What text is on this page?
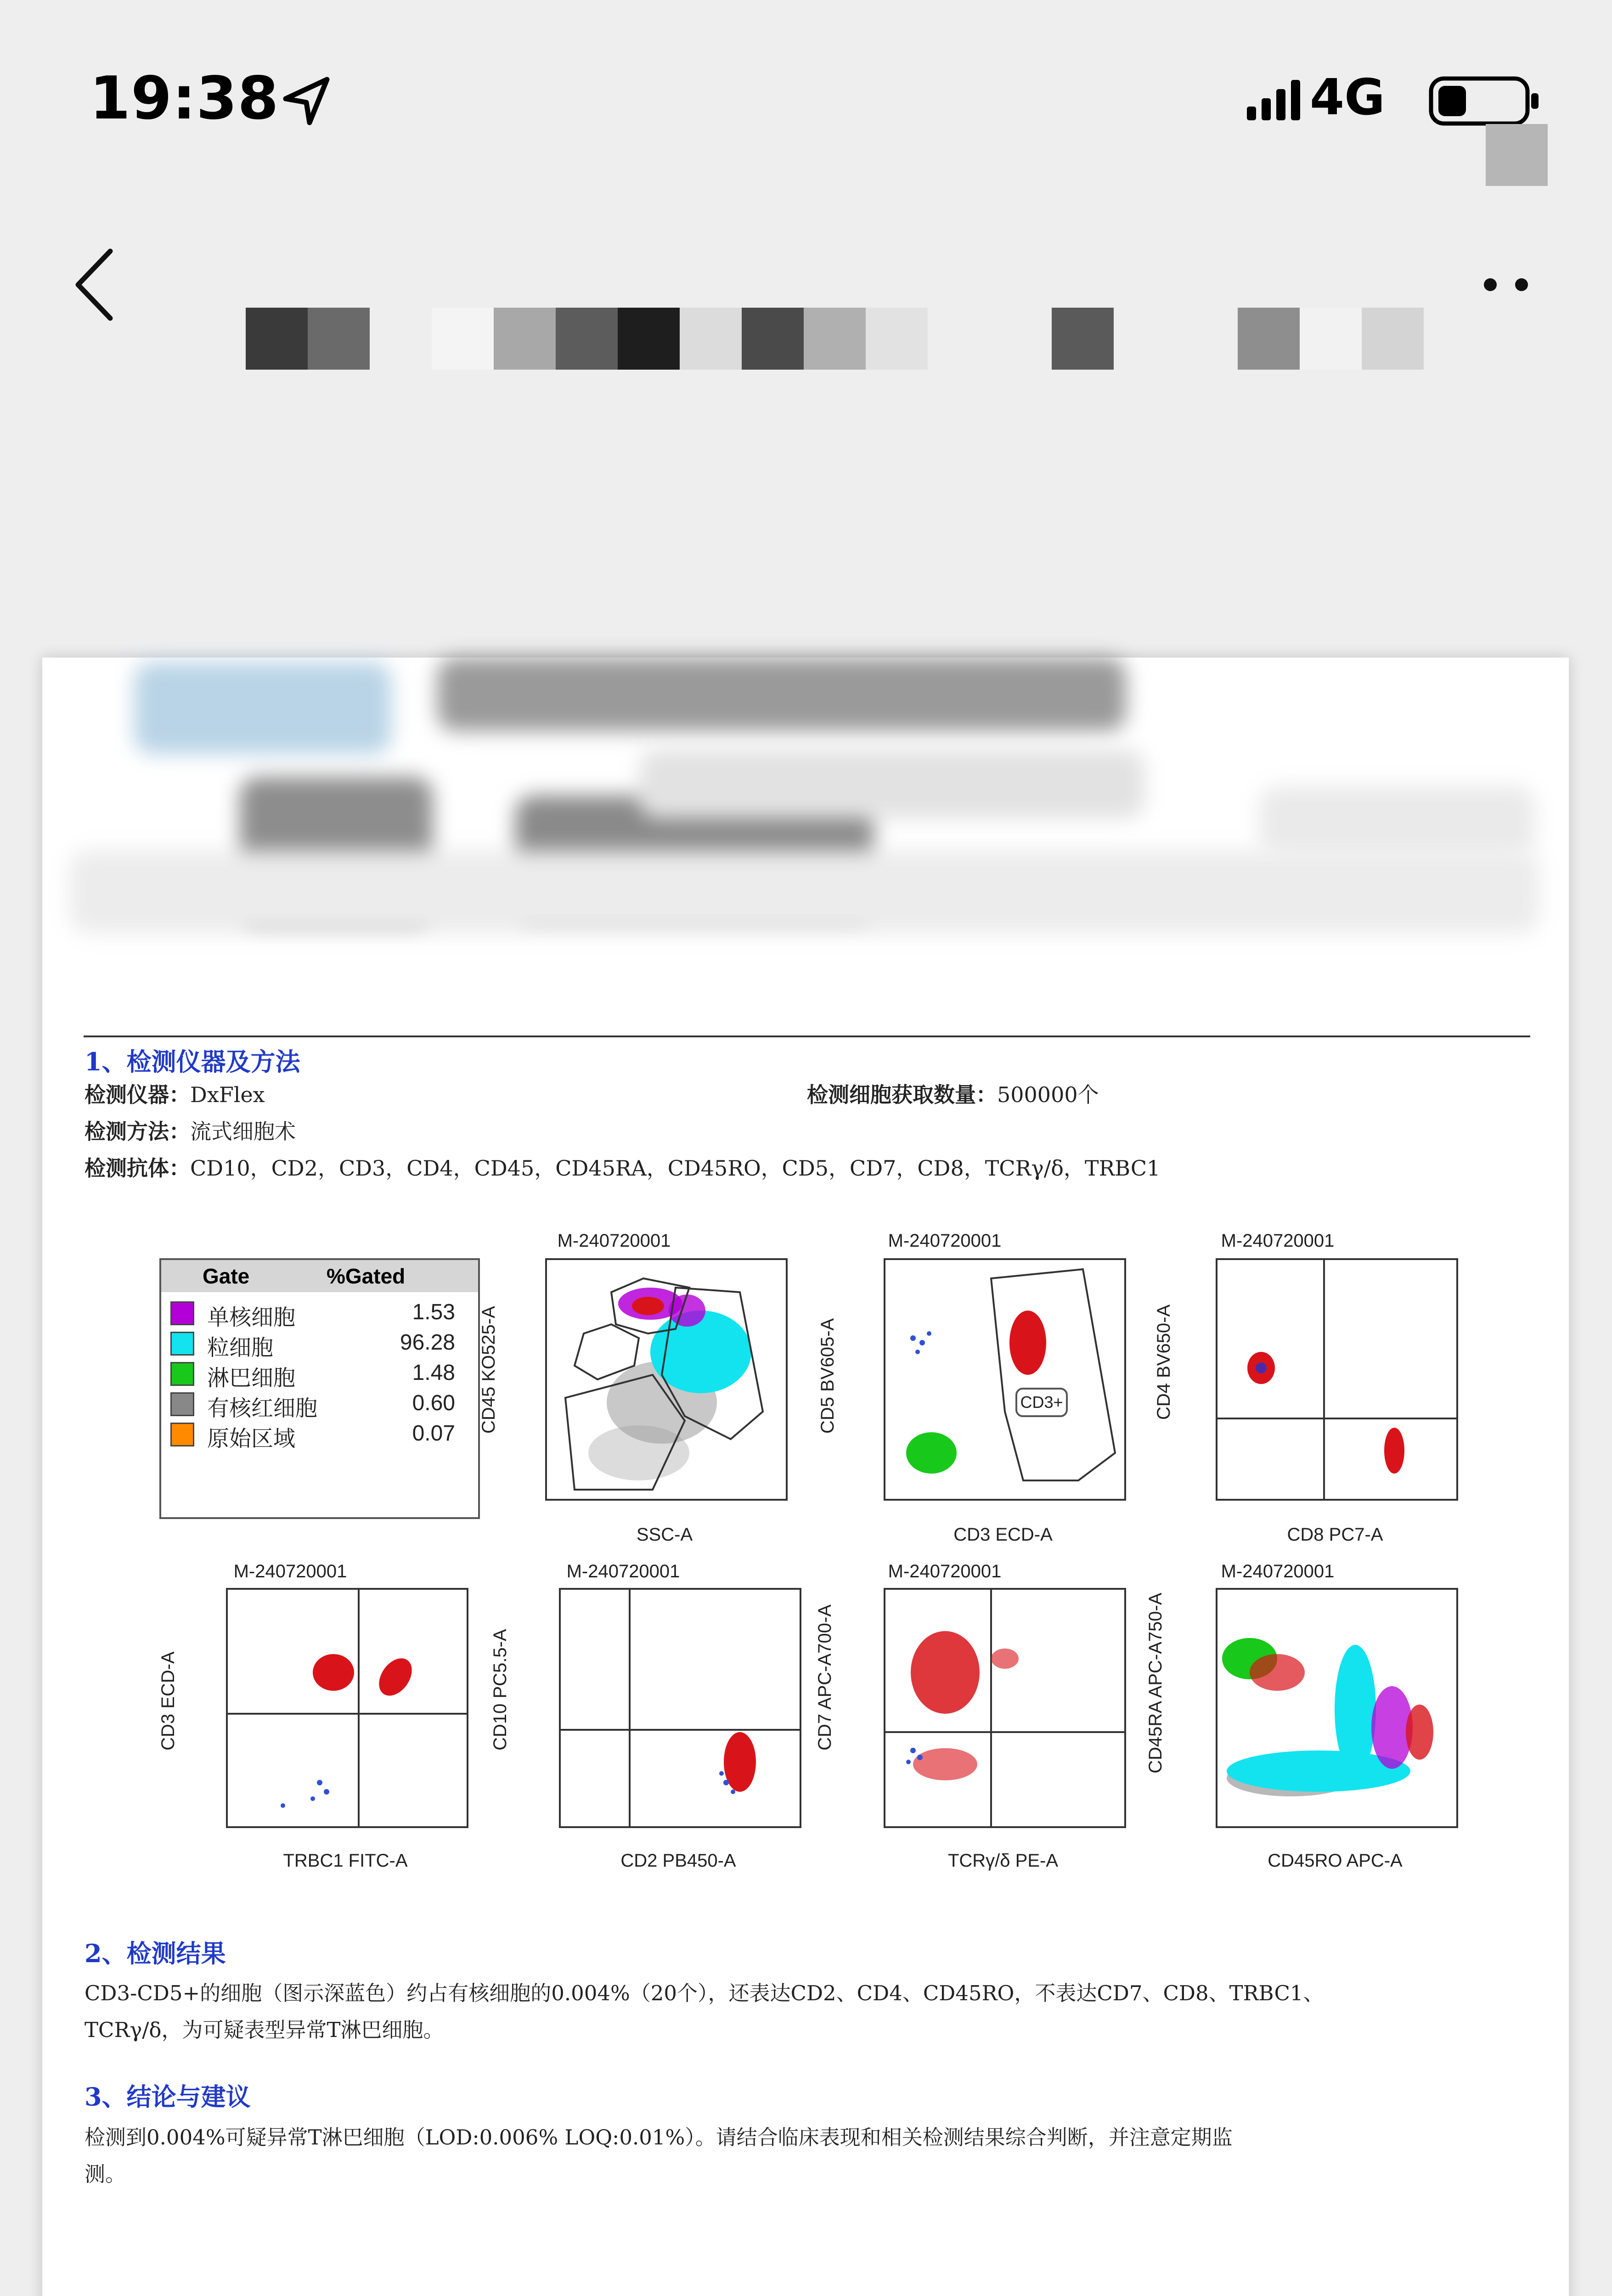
19:38	4G
1、检测仪器及方法
检测仪器：DxFlex	检测细胞获取数量：500000个
检测方法：流式细胞术
检测抗体：CD10，CD2，CD3，CD4，CD45，CD45RA，CD45RO，CD5，CD7，CD8，TCRγ/δ，TRBC1
Gate	%Gated
单核细胞	1.53
粒细胞	96.28
淋巴细胞	1.48
有核红细胞	0.60
原始区域	0.07
M-240720001
SSC-A
CD45 KO525-A
M-240720001
CD3+
CD3 ECD-A
CD5 BV605-A
M-240720001
CD8 PC7-A
CD4 BV650-A
M-240720001
TRBC1 FITC-A
CD3 ECD-A
M-240720001
CD2 PB450-A
CD10 PC5.5-A
M-240720001
TCRγ/δ PE-A
CD7 APC-A700-A
M-240720001
CD45RO APC-A
CD45RA APC-A750-A
2、检测结果
CD3-CD5+的细胞（图示深蓝色）约占有核细胞的0.004%（20个），还表达CD2、CD4、CD45RO，不表达CD7、CD8、TRBC1、
TCRγ/δ，为可疑表型异常T淋巴细胞。
3、结论与建议
检测到0.004%可疑异常T淋巴细胞（LOD:0.006% LOQ:0.01%）。请结合临床表现和相关检测结果综合判断，并注意定期监
测。
